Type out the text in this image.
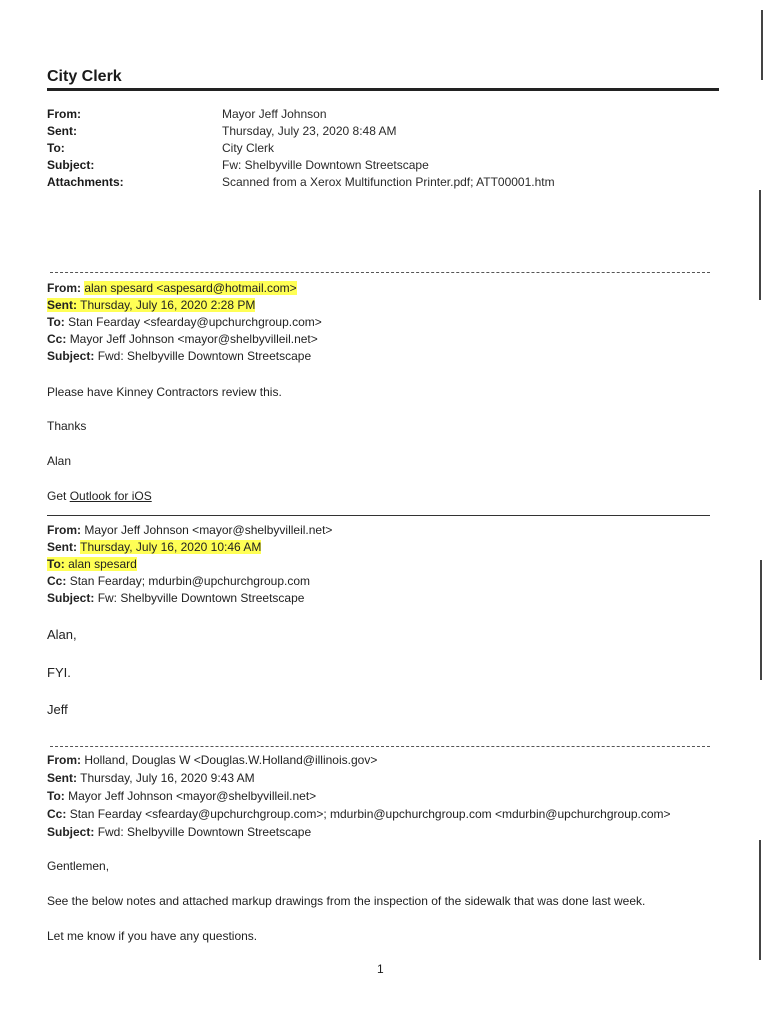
City Clerk
From:	Mayor Jeff Johnson
Sent:	Thursday, July 23, 2020 8:48 AM
To:	City Clerk
Subject:	Fw: Shelbyville Downtown Streetscape
Attachments:	Scanned from a Xerox Multifunction Printer.pdf; ATT00001.htm
From: alan spesard <aspesard@hotmail.com>
Sent: Thursday, July 16, 2020 2:28 PM
To: Stan Fearday <sfearday@upchurchgroup.com>
Cc: Mayor Jeff Johnson <mayor@shelbyvilleil.net>
Subject: Fwd: Shelbyville Downtown Streetscape
Please have Kinney Contractors review this.
Thanks
Alan
Get Outlook for iOS
From: Mayor Jeff Johnson <mayor@shelbyvilleil.net>
Sent: Thursday, July 16, 2020 10:46 AM
To: alan spesard
Cc: Stan Fearday; mdurbin@upchurchgroup.com
Subject: Fw: Shelbyville Downtown Streetscape
Alan,
FYI.
Jeff
From: Holland, Douglas W <Douglas.W.Holland@illinois.gov>
Sent: Thursday, July 16, 2020 9:43 AM
To: Mayor Jeff Johnson <mayor@shelbyvilleil.net>
Cc: Stan Fearday <sfearday@upchurchgroup.com>; mdurbin@upchurchgroup.com <mdurbin@upchurchgroup.com>
Subject: Fwd: Shelbyville Downtown Streetscape
Gentlemen,
See the below notes and attached markup drawings from the inspection of the sidewalk that was done last week.
Let me know if you have any questions.
1
